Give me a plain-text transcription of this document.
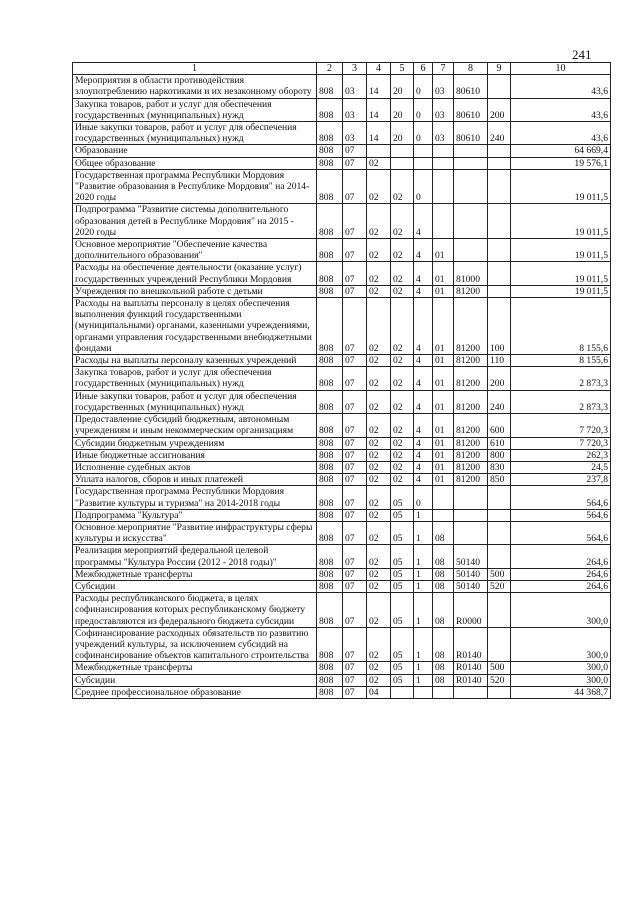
241
1	2	3	4	5	6	7	8	9	10
Мероприятия в области противодействия злоупотреблению наркотиками и их незаконному обороту	808	03	14	20	0	03	80610		43,6
Закупка товаров, работ и услуг для обеспечения государственных (муниципальных) нужд	808	03	14	20	0	03	80610	200	43,6
Иные закупки товаров, работ и услуг для обеспечения государственных (муниципальных) нужд	808	03	14	20	0	03	80610	240	43,6
Образование	808	07							64 669,4
Общее образование	808	07	02						19 576,1
Государственная программа Республики Мордовия "Развитие образования в Республике Мордовия" на 2014-2020 годы	808	07	02	02	0				19 011,5
Подпрограмма "Развитие системы дополнительного образования детей в Республике Мордовия" на 2015 - 2020 годы	808	07	02	02	4				19 011,5
Основное мероприятие "Обеспечение качества дополнительного образования"	808	07	02	02	4	01			19 011,5
Расходы на обеспечение деятельности (оказание услуг) государственных учреждений Республики Мордовия	808	07	02	02	4	01	81000		19 011,5
Учреждения по внешкольной работе с детьми	808	07	02	02	4	01	81200		19 011,5
Расходы на выплаты персоналу в целях обеспечения выполнения функций государственными (муниципальными) органами, казенными учреждениями, органами управления государственными внебюджетными фондами	808	07	02	02	4	01	81200	100	8 155,6
Расходы на выплаты персоналу казенных учреждений	808	07	02	02	4	01	81200	110	8 155,6
Закупка товаров, работ и услуг для обеспечения государственных (муниципальных) нужд	808	07	02	02	4	01	81200	200	2 873,3
Иные закупки товаров, работ и услуг для обеспечения государственных (муниципальных) нужд	808	07	02	02	4	01	81200	240	2 873,3
Предоставление субсидий бюджетным, автономным учреждениям и иным некоммерческим организациям	808	07	02	02	4	01	81200	600	7 720,3
Субсидии бюджетным учреждениям	808	07	02	02	4	01	81200	610	7 720,3
Иные бюджетные ассигнования	808	07	02	02	4	01	81200	800	262,3
Исполнение судебных актов	808	07	02	02	4	01	81200	830	24,5
Уплата налогов, сборов и иных платежей	808	07	02	02	4	01	81200	850	237,8
Государственная программа Республики Мордовия "Развитие культуры и туризма" на 2014-2018 годы	808	07	02	05	0				564,6
Подпрограмма "Культура"	808	07	02	05	1				564,6
Основное мероприятие "Развитие инфраструктуры сферы культуры и искусства"	808	07	02	05	1	08			564,6
Реализация мероприятий федеральной целевой программы "Культура России (2012 - 2018 годы)"	808	07	02	05	1	08	50140		264,6
Межбюджетные трансферты	808	07	02	05	1	08	50140	500	264,6
Субсидии	808	07	02	05	1	08	50140	520	264,6
Расходы республиканского бюджета, в целях софинансирования которых республиканскому бюджету предоставляются из федерального бюджета субсидии	808	07	02	05	1	08	R0000		300,0
Софинансирование расходных обязательств по развитию учреждений культуры, за исключением субсидий на софинансирование объектов капитального строительства	808	07	02	05	1	08	R0140		300,0
Межбюджетные трансферты	808	07	02	05	1	08	R0140	500	300,0
Субсидии	808	07	02	05	1	08	R0140	520	300,0
Среднее профессиональное образование	808	07	04						44 368,7
